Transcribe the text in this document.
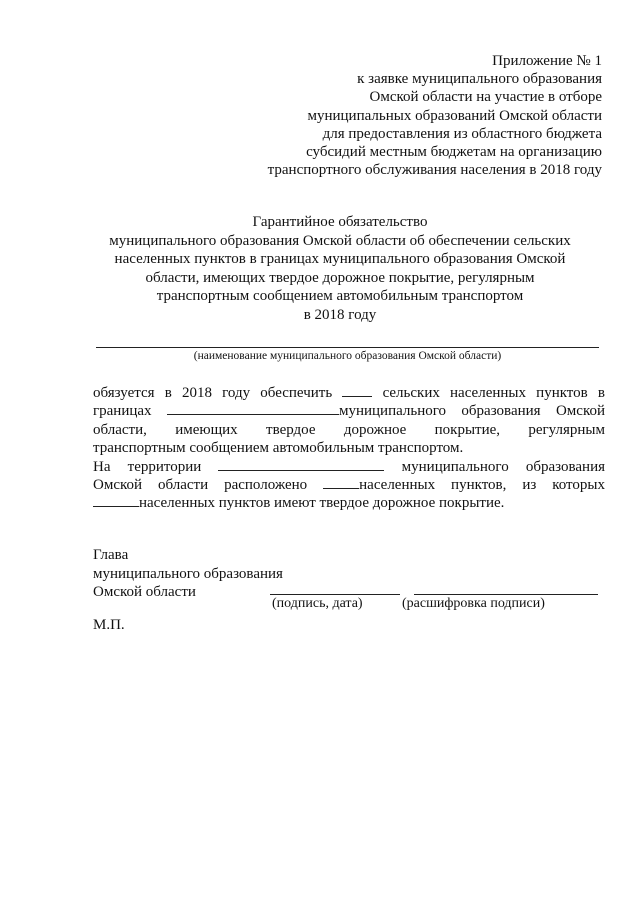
Приложение № 1
к заявке муниципального образования
Омской области на участие в отборе
муниципальных образований Омской области
для предоставления из областного бюджета
субсидий местным бюджетам на организацию
транспортного обслуживания населения в 2018 году
Гарантийное обязательство
муниципального образования Омской области об обеспечении сельских
населенных пунктов в границах муниципального образования Омской
области, имеющих твердое дорожное покрытие, регулярным
транспортным сообщением автомобильным транспортом
в 2018 году
(наименование муниципального образования Омской области)
обязуется в 2018 году обеспечить	сельских населенных пунктов в
границах	муниципального образования Омской
области, имеющих твердое дорожное покрытие, регулярным
транспортным сообщением автомобильным транспортом.
На территории	муниципального образования
Омской области расположено	населенных пунктов, из которых
населенных пунктов имеют твердое дорожное покрытие.
Глава
муниципального образования
Омской области
(подпись, дата)	(расшифровка подписи)
М.П.
